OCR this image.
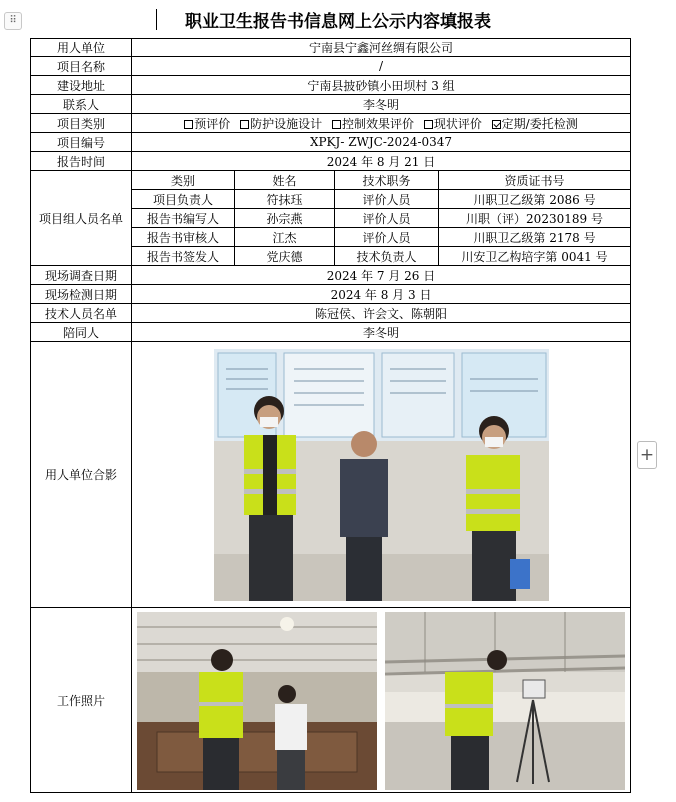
⠿	职业卫生报告书信息网上公示内容填报表
用人单位	宁南县宁鑫河丝绸有限公司			
项目名称	/			
建设地址	宁南县披砂镇小田坝村 3 组			
联系人	李冬明			
项目类别	预评价 防护设施设计 控制效果评价 现状评价 定期/委托检测			
项目编号	XPKJ- ZWJC-2024-0347			
报告时间	2024 年 8 月 21 日			
项目组人员名单	类别	姓名	技术职务	资质证书号
	项目负责人	符抹珏	评价人员	川职卫乙级第 2086 号
	报告书编写人	孙宗燕	评价人员	川职（评）20230189 号
	报告书审核人	江杰	评价人员	川职卫乙级第 2178 号
	报告书签发人	党庆德	技术负责人	川安卫乙构培字第 0041 号
现场调查日期	2024 年 7 月 26 日			
现场检测日期	2024 年 8 月 3 日			
技术人员名单	陈冠侯、许会文、陈朝阳			
陪同人	李冬明			
用人单位合影	

工作照片	
+
